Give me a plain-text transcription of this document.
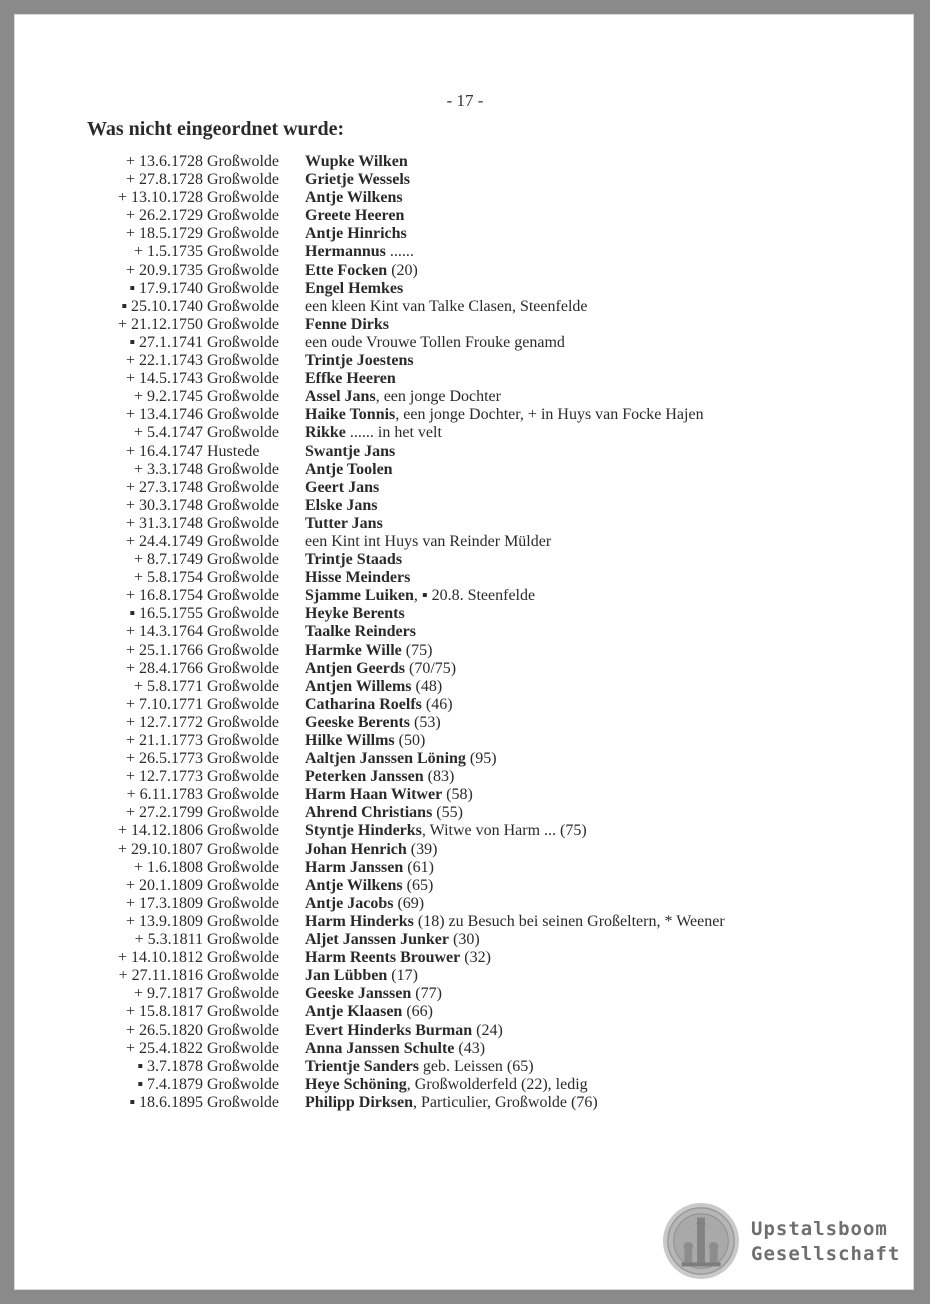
- 17 -
Was nicht eingeordnet wurde:
+ 13.6.1728 Großwolde Wupke Wilken
+ 27.8.1728 Großwolde Grietje Wessels
+ 13.10.1728 Großwolde Antje Wilkens
+ 26.2.1729 Großwolde Greete Heeren
+ 18.5.1729 Großwolde Antje Hinrichs
+ 1.5.1735 Großwolde Hermannus ......
+ 20.9.1735 Großwolde Ette Focken (20)
▪ 17.9.1740 Großwolde Engel Hemkes
▪ 25.10.1740 Großwolde een kleen Kint van Talke Clasen, Steenfelde
+ 21.12.1750 Großwolde Fenne Dirks
▪ 27.1.1741 Großwolde een oude Vrouwe Tollen Frouke genamd
+ 22.1.1743 Großwolde Trintje Joestens
+ 14.5.1743 Großwolde Effke Heeren
+ 9.2.1745 Großwolde Assel Jans, een jonge Dochter
+ 13.4.1746 Großwolde Haike Tonnis, een jonge Dochter, + in Huys van Focke Hajen
+ 5.4.1747 Großwolde Rikke ...... in het velt
+ 16.4.1747 Hustede	Swantje Jans
+ 3.3.1748 Großwolde Antje Toolen
+ 27.3.1748 Großwolde Geert Jans
+ 30.3.1748 Großwolde Elske Jans
+ 31.3.1748 Großwolde Tutter Jans
+ 24.4.1749 Großwolde een Kint int Huys van Reinder Mülder
+ 8.7.1749 Großwolde Trintje Staads
+ 5.8.1754 Großwolde Hisse Meinders
+ 16.8.1754 Großwolde Sjamme Luiken, ▪ 20.8. Steenfelde
▪ 16.5.1755 Großwolde Heyke Berents
+ 14.3.1764 Großwolde Taalke Reinders
+ 25.1.1766 Großwolde Harmke Wille (75)
+ 28.4.1766 Großwolde Antjen Geerds (70/75)
+ 5.8.1771 Großwolde Antjen Willems (48)
+ 7.10.1771 Großwolde Catharina Roelfs (46)
+ 12.7.1772 Großwolde Geeske Berents (53)
+ 21.1.1773 Großwolde Hilke Willms (50)
+ 26.5.1773 Großwolde Aaltjen Janssen Löning (95)
+ 12.7.1773 Großwolde Peterken Janssen (83)
+ 6.11.1783 Großwolde Harm Haan Witwer (58)
+ 27.2.1799 Großwolde Ahrend Christians (55)
+ 14.12.1806 Großwolde Styntje Hinderks, Witwe von Harm ... (75)
+ 29.10.1807 Großwolde Johan Henrich (39)
+ 1.6.1808 Großwolde Harm Janssen (61)
+ 20.1.1809 Großwolde Antje Wilkens (65)
+ 17.3.1809 Großwolde Antje Jacobs (69)
+ 13.9.1809 Großwolde Harm Hinderks (18) zu Besuch bei seinen Großeltern, * Weener
+ 5.3.1811 Großwolde Aljet Janssen Junker (30)
+ 14.10.1812 Großwolde Harm Reents Brouwer (32)
+ 27.11.1816 Großwolde Jan Lübben (17)
+ 9.7.1817 Großwolde Geeske Janssen (77)
+ 15.8.1817 Großwolde Antje Klaasen (66)
+ 26.5.1820 Großwolde Evert Hinderks Burman (24)
+ 25.4.1822 Großwolde Anna Janssen Schulte (43)
▪ 3.7.1878 Großwolde Trientje Sanders geb. Leissen (65)
▪ 7.4.1879 Großwolde Heye Schöning, Großwolderfeld (22), ledig
▪ 18.6.1895 Großwolde Philipp Dirksen, Particulier, Großwolde (76)
Upstalsboom
Gesellschaft
